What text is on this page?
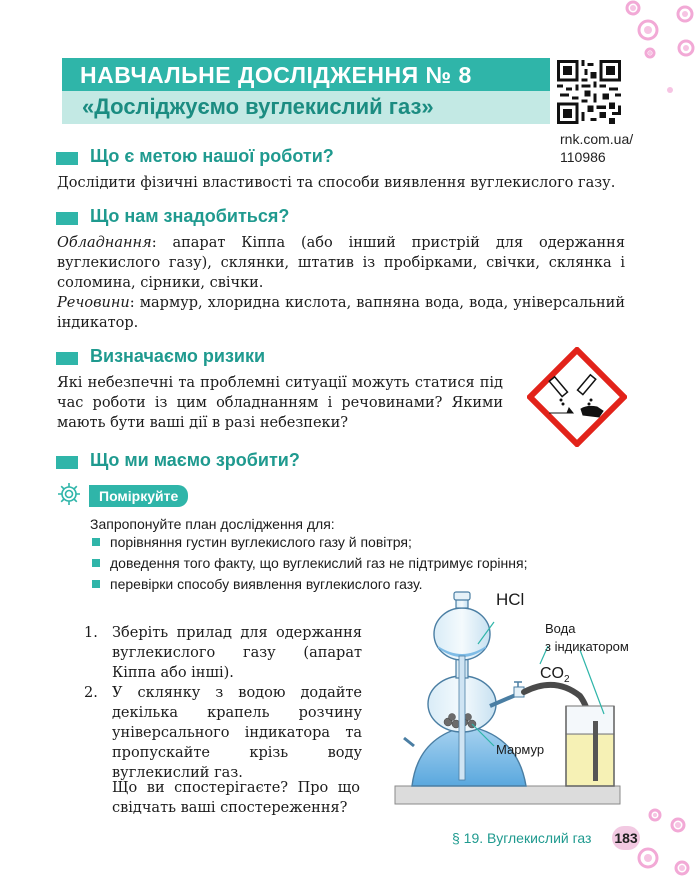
НАВЧАЛЬНЕ ДОСЛІДЖЕННЯ № 8
«Досліджуємо вуглекислий газ»
rnk.com.ua/
110986
Що є метою нашої роботи?
Дослідити фізичні властивості та способи виявлення вуглекислого газу.
Що нам знадобиться?
Обладнання: апарат Кіппа (або інший пристрій для одержання вуглекислого газу), склянки, штатив із пробірками, свічки, склянка і соломина, сірники, свічки.
Речовини: мармур, хлоридна кислота, вапняна вода, вода, універсальний індикатор.
Визначаємо ризики
Які небезпечні та проблемні ситуації можуть статися під час роботи із цим обладнанням і речовинами? Якими мають бути ваші дії в разі небезпеки?
Що ми маємо зробити?
Поміркуйте
Запропонуйте план дослідження для:
порівняння густин вуглекислого газу й повітря;
доведення того факту, що вуглекислий газ не підтримує горіння;
перевірки способу виявлення вуглекислого газу.
1. Зберіть прилад для одержання вуглекислого газу (апарат Кіппа або інші).
2. У склянку з водою додайте декілька крапель розчину універсального індикатора та пропускайте крізь воду вуглекислий газ.
Що ви спостерігаєте? Про що свідчать ваші спостереження?
HCl
Вода
з індикатором
$CO_2$
Мармур
§ 19. Вуглекислий газ 183
